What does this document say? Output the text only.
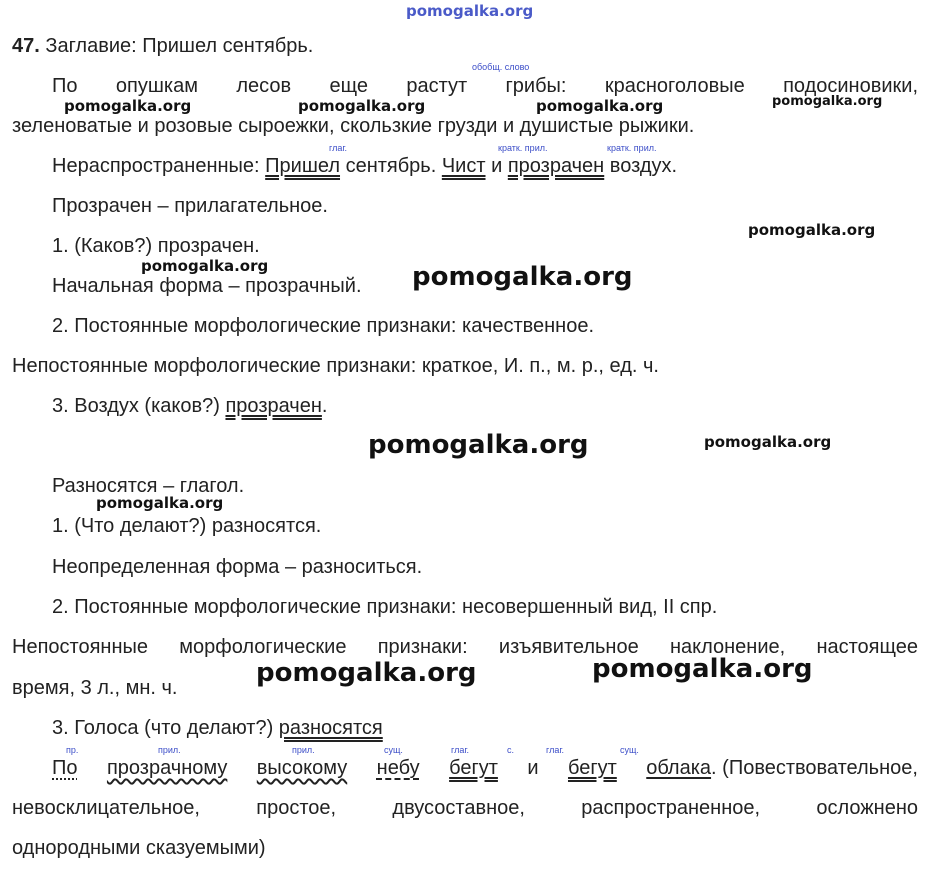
pomogalka.org
47. Заглавие: Пришел сентябрь.
обобщ. слово
По опушкам лесов еще растут грибы: красноголовые подосиновики,
pomogalka.org	pomogalka.org	pomogalka.org	pomogalka.org
зеленоватые и розовые сыроежки, скользкие грузди и душистые рыжики.
глаг.	кратк. прил.	кратк. прил.
Нераспространенные: Пришел сентябрь. Чист и прозрачен воздух.
Прозрачен – прилагательное.
pomogalka.org
1. (Каков?) прозрачен.
pomogalka.org
Начальная форма – прозрачный. pomogalka.org
2. Постоянные морфологические признаки: качественное.
Непостоянные морфологические признаки: краткое, И. п., м. р., ед. ч.
3. Воздух (каков?) прозрачен.
pomogalka.org	pomogalka.org
Разносятся – глагол.
pomogalka.org
1. (Что делают?) разносятся.
Неопределенная форма – разноситься.
2. Постоянные морфологические признаки: несовершенный вид, II спр.
Непостоянные морфологические признаки: изъявительное наклонение, настоящее
время, 3 л., мн. ч.	pomogalka.org	pomogalka.org
3. Голоса (что делают?) разносятся
пр.	прил.	прил.	сущ.	глаг.	с.	глаг.	сущ.
По прозрачному высокому небу бегут и бегут облака. (Повествовательное,
невосклицательное, простое, двусоставное, распространенное, осложнено
однородными сказуемыми)
